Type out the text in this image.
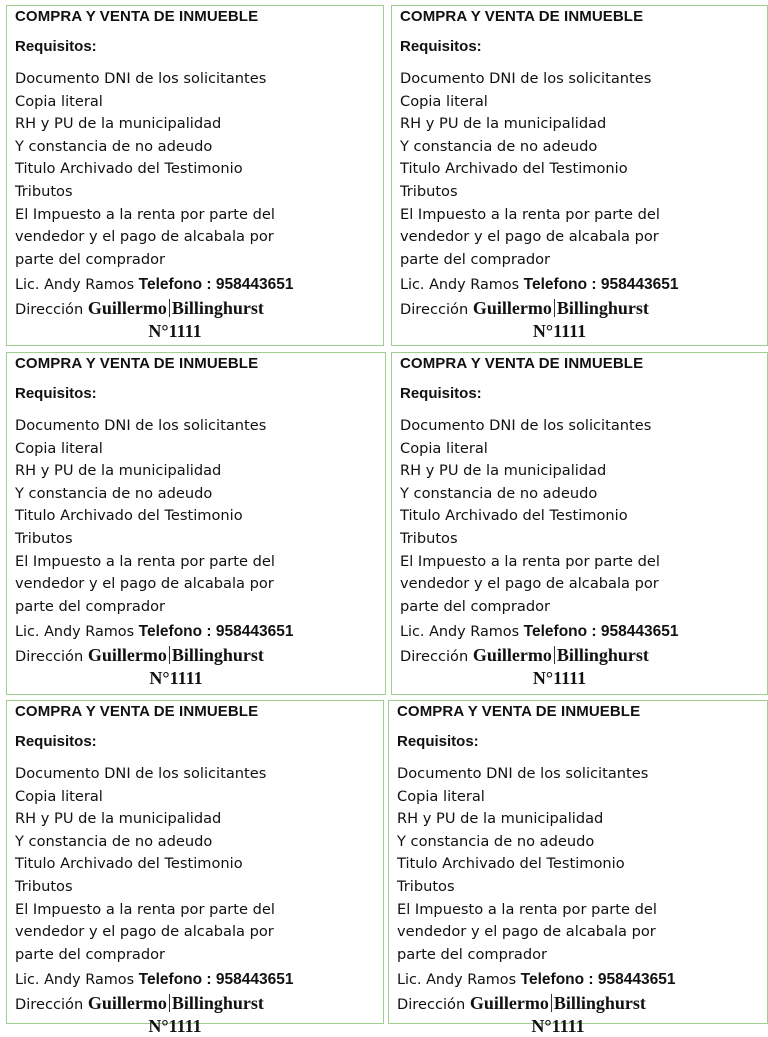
COMPRA Y VENTA DE INMUEBLE
Requisitos:
Documento DNI de los solicitantes
Copia literal
RH y PU de la municipalidad
Y constancia de no adeudo
Titulo Archivado del Testimonio
Tributos
El Impuesto a la renta por parte del
vendedor y el pago de alcabala por
parte del comprador
Lic. Andy Ramos Telefono : 958443651
Dirección Guillermo Billinghurst
N°1111
COMPRA Y VENTA DE INMUEBLE
Requisitos:
Documento DNI de los solicitantes
Copia literal
RH y PU de la municipalidad
Y constancia de no adeudo
Titulo Archivado del Testimonio
Tributos
El Impuesto a la renta por parte del
vendedor y el pago de alcabala por
parte del comprador
Lic. Andy Ramos Telefono : 958443651
Dirección Guillermo Billinghurst
N°1111
COMPRA Y VENTA DE INMUEBLE
Requisitos:
Documento DNI de los solicitantes
Copia literal
RH y PU de la municipalidad
Y constancia de no adeudo
Titulo Archivado del Testimonio
Tributos
El Impuesto a la renta por parte del
vendedor y el pago de alcabala por
parte del comprador
Lic. Andy Ramos Telefono : 958443651
Dirección Guillermo Billinghurst
N°1111
COMPRA Y VENTA DE INMUEBLE
Requisitos:
Documento DNI de los solicitantes
Copia literal
RH y PU de la municipalidad
Y constancia de no adeudo
Titulo Archivado del Testimonio
Tributos
El Impuesto a la renta por parte del
vendedor y el pago de alcabala por
parte del comprador
Lic. Andy Ramos Telefono : 958443651
Dirección Guillermo Billinghurst
N°1111
COMPRA Y VENTA DE INMUEBLE
Requisitos:
Documento DNI de los solicitantes
Copia literal
RH y PU de la municipalidad
Y constancia de no adeudo
Titulo Archivado del Testimonio
Tributos
El Impuesto a la renta por parte del
vendedor y el pago de alcabala por
parte del comprador
Lic. Andy Ramos Telefono : 958443651
Dirección Guillermo Billinghurst
N°1111
COMPRA Y VENTA DE INMUEBLE
Requisitos:
Documento DNI de los solicitantes
Copia literal
RH y PU de la municipalidad
Y constancia de no adeudo
Titulo Archivado del Testimonio
Tributos
El Impuesto a la renta por parte del
vendedor y el pago de alcabala por
parte del comprador
Lic. Andy Ramos Telefono : 958443651
Dirección Guillermo Billinghurst
N°1111
